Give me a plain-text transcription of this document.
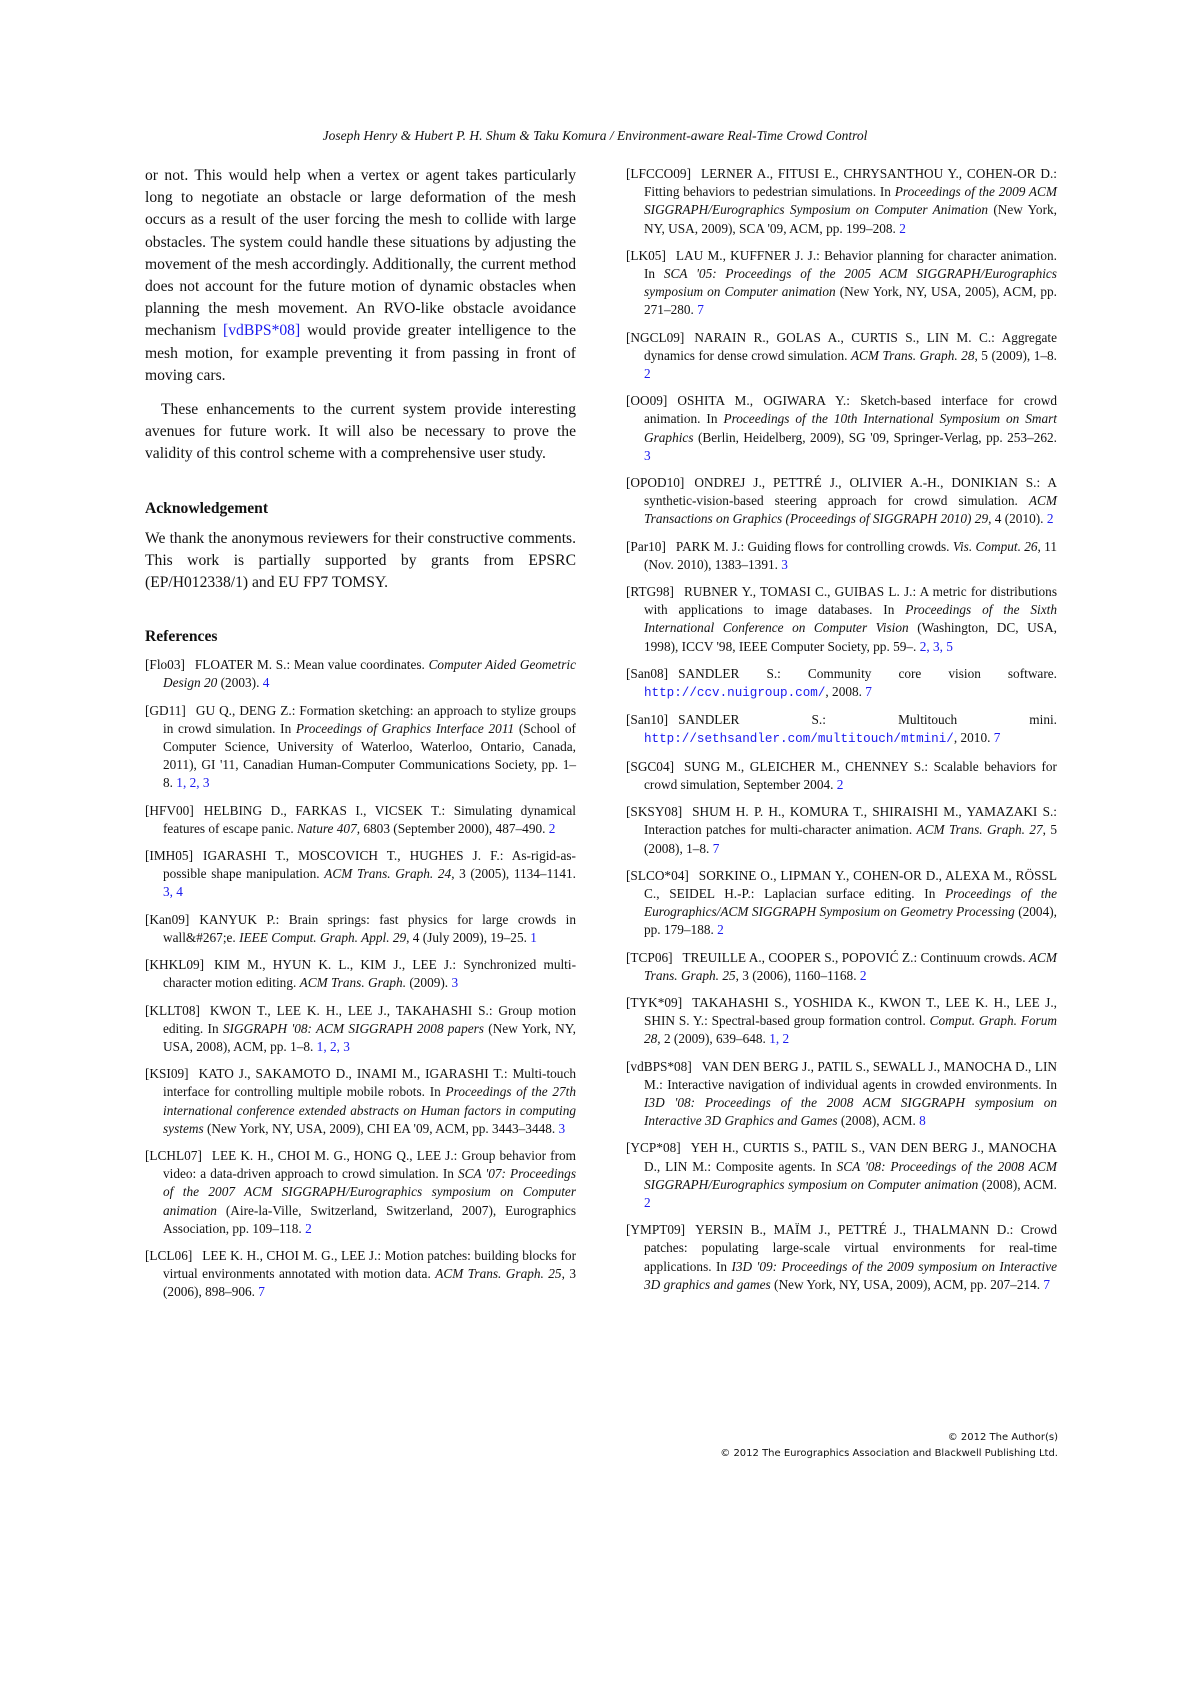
Joseph Henry & Hubert P. H. Shum & Taku Komura / Environment-aware Real-Time Crowd Control

or not. This would help when a vertex or agent takes particularly long to negotiate an obstacle or large deformation of the mesh occurs as a result of the user forcing the mesh to collide with large obstacles. The system could handle these situations by adjusting the movement of the mesh accordingly. Additionally, the current method does not account for the future motion of dynamic obstacles when planning the mesh movement. An RVO-like obstacle avoidance mechanism [vdBPS*08] would provide greater intelligence to the mesh motion, for example preventing it from passing in front of moving cars.

These enhancements to the current system provide interesting avenues for future work. It will also be necessary to prove the validity of this control scheme with a comprehensive user study.

Acknowledgement

We thank the anonymous reviewers for their constructive comments. This work is partially supported by grants from EPSRC (EP/H012338/1) and EU FP7 TOMSY.

References

[Flo03] FLOATER M. S.: Mean value coordinates. Computer Aided Geometric Design 20 (2003). 4

[GD11] GU Q., DENG Z.: Formation sketching: an approach to stylize groups in crowd simulation. In Proceedings of Graphics Interface 2011 (School of Computer Science, University of Waterloo, Waterloo, Ontario, Canada, 2011), GI '11, Canadian Human-Computer Communications Society, pp. 1–8. 1, 2, 3

[HFV00] HELBING D., FARKAS I., VICSEK T.: Simulating dynamical features of escape panic. Nature 407, 6803 (September 2000), 487–490. 2

[IMH05] IGARASHI T., MOSCOVICH T., HUGHES J. F.: As-rigid-as-possible shape manipulation. ACM Trans. Graph. 24, 3 (2005), 1134–1141. 3, 4

[Kan09] KANYUK P.: Brain springs: fast physics for large crowds in wall&#267;e. IEEE Comput. Graph. Appl. 29, 4 (July 2009), 19–25. 1

[KHKL09] KIM M., HYUN K. L., KIM J., LEE J.: Synchronized multi-character motion editing. ACM Trans. Graph. (2009). 3

[KLLT08] KWON T., LEE K. H., LEE J., TAKAHASHI S.: Group motion editing. In SIGGRAPH '08: ACM SIGGRAPH 2008 papers (New York, NY, USA, 2008), ACM, pp. 1–8. 1, 2, 3

[KSI09] KATO J., SAKAMOTO D., INAMI M., IGARASHI T.: Multi-touch interface for controlling multiple mobile robots. In Proceedings of the 27th international conference extended abstracts on Human factors in computing systems (New York, NY, USA, 2009), CHI EA '09, ACM, pp. 3443–3448. 3

[LCHL07] LEE K. H., CHOI M. G., HONG Q., LEE J.: Group behavior from video: a data-driven approach to crowd simulation. In SCA '07: Proceedings of the 2007 ACM SIGGRAPH/Eurographics symposium on Computer animation (Aire-la-Ville, Switzerland, Switzerland, 2007), Eurographics Association, pp. 109–118. 2

[LCL06] LEE K. H., CHOI M. G., LEE J.: Motion patches: building blocks for virtual environments annotated with motion data. ACM Trans. Graph. 25, 3 (2006), 898–906. 7

[LFCCO09] LERNER A., FITUSI E., CHRYSANTHOU Y., COHEN-OR D.: Fitting behaviors to pedestrian simulations. In Proceedings of the 2009 ACM SIGGRAPH/Eurographics Symposium on Computer Animation (New York, NY, USA, 2009), SCA '09, ACM, pp. 199–208. 2

[LK05] LAU M., KUFFNER J. J.: Behavior planning for character animation. In SCA '05: Proceedings of the 2005 ACM SIGGRAPH/Eurographics symposium on Computer animation (New York, NY, USA, 2005), ACM, pp. 271–280. 7

[NGCL09] NARAIN R., GOLAS A., CURTIS S., LIN M. C.: Aggregate dynamics for dense crowd simulation. ACM Trans. Graph. 28, 5 (2009), 1–8. 2

[OO09] OSHITA M., OGIWARA Y.: Sketch-based interface for crowd animation. In Proceedings of the 10th International Symposium on Smart Graphics (Berlin, Heidelberg, 2009), SG '09, Springer-Verlag, pp. 253–262. 3

[OPOD10] ONDREJ J., PETTRÉ J., OLIVIER A.-H., DONIKIAN S.: A synthetic-vision-based steering approach for crowd simulation. ACM Transactions on Graphics (Proceedings of SIGGRAPH 2010) 29, 4 (2010). 2

[Par10] PARK M. J.: Guiding flows for controlling crowds. Vis. Comput. 26, 11 (Nov. 2010), 1383–1391. 3

[RTG98] RUBNER Y., TOMASI C., GUIBAS L. J.: A metric for distributions with applications to image databases. In Proceedings of the Sixth International Conference on Computer Vision (Washington, DC, USA, 1998), ICCV '98, IEEE Computer Society, pp. 59–. 2, 3, 5

[San08] SANDLER S.: Community core vision software. http://ccv.nuigroup.com/, 2008. 7

[San10] SANDLER S.: Multitouch mini. http://sethsandler.com/multitouch/mtmini/, 2010. 7

[SGC04] SUNG M., GLEICHER M., CHENNEY S.: Scalable behaviors for crowd simulation, September 2004. 2

[SKSY08] SHUM H. P. H., KOMURA T., SHIRAISHI M., YAMAZAKI S.: Interaction patches for multi-character animation. ACM Trans. Graph. 27, 5 (2008), 1–8. 7

[SLCO*04] SORKINE O., LIPMAN Y., COHEN-OR D., ALEXA M., RÖSSL C., SEIDEL H.-P.: Laplacian surface editing. In Proceedings of the Eurographics/ACM SIGGRAPH Symposium on Geometry Processing (2004), pp. 179–188. 2

[TCP06] TREUILLE A., COOPER S., POPOVIĆ Z.: Continuum crowds. ACM Trans. Graph. 25, 3 (2006), 1160–1168. 2

[TYK*09] TAKAHASHI S., YOSHIDA K., KWON T., LEE K. H., LEE J., SHIN S. Y.: Spectral-based group formation control. Comput. Graph. Forum 28, 2 (2009), 639–648. 1, 2

[vdBPS*08] VAN DEN BERG J., PATIL S., SEWALL J., MANOCHA D., LIN M.: Interactive navigation of individual agents in crowded environments. In I3D '08: Proceedings of the 2008 ACM SIGGRAPH symposium on Interactive 3D Graphics and Games (2008), ACM. 8

[YCP*08] YEH H., CURTIS S., PATIL S., VAN DEN BERG J., MANOCHA D., LIN M.: Composite agents. In SCA '08: Proceedings of the 2008 ACM SIGGRAPH/Eurographics symposium on Computer animation (2008), ACM. 2

[YMPT09] YERSIN B., MAÏM J., PETTRÉ J., THALMANN D.: Crowd patches: populating large-scale virtual environments for real-time applications. In I3D '09: Proceedings of the 2009 symposium on Interactive 3D graphics and games (New York, NY, USA, 2009), ACM, pp. 207–214. 7

© 2012 The Author(s)
© 2012 The Eurographics Association and Blackwell Publishing Ltd.
